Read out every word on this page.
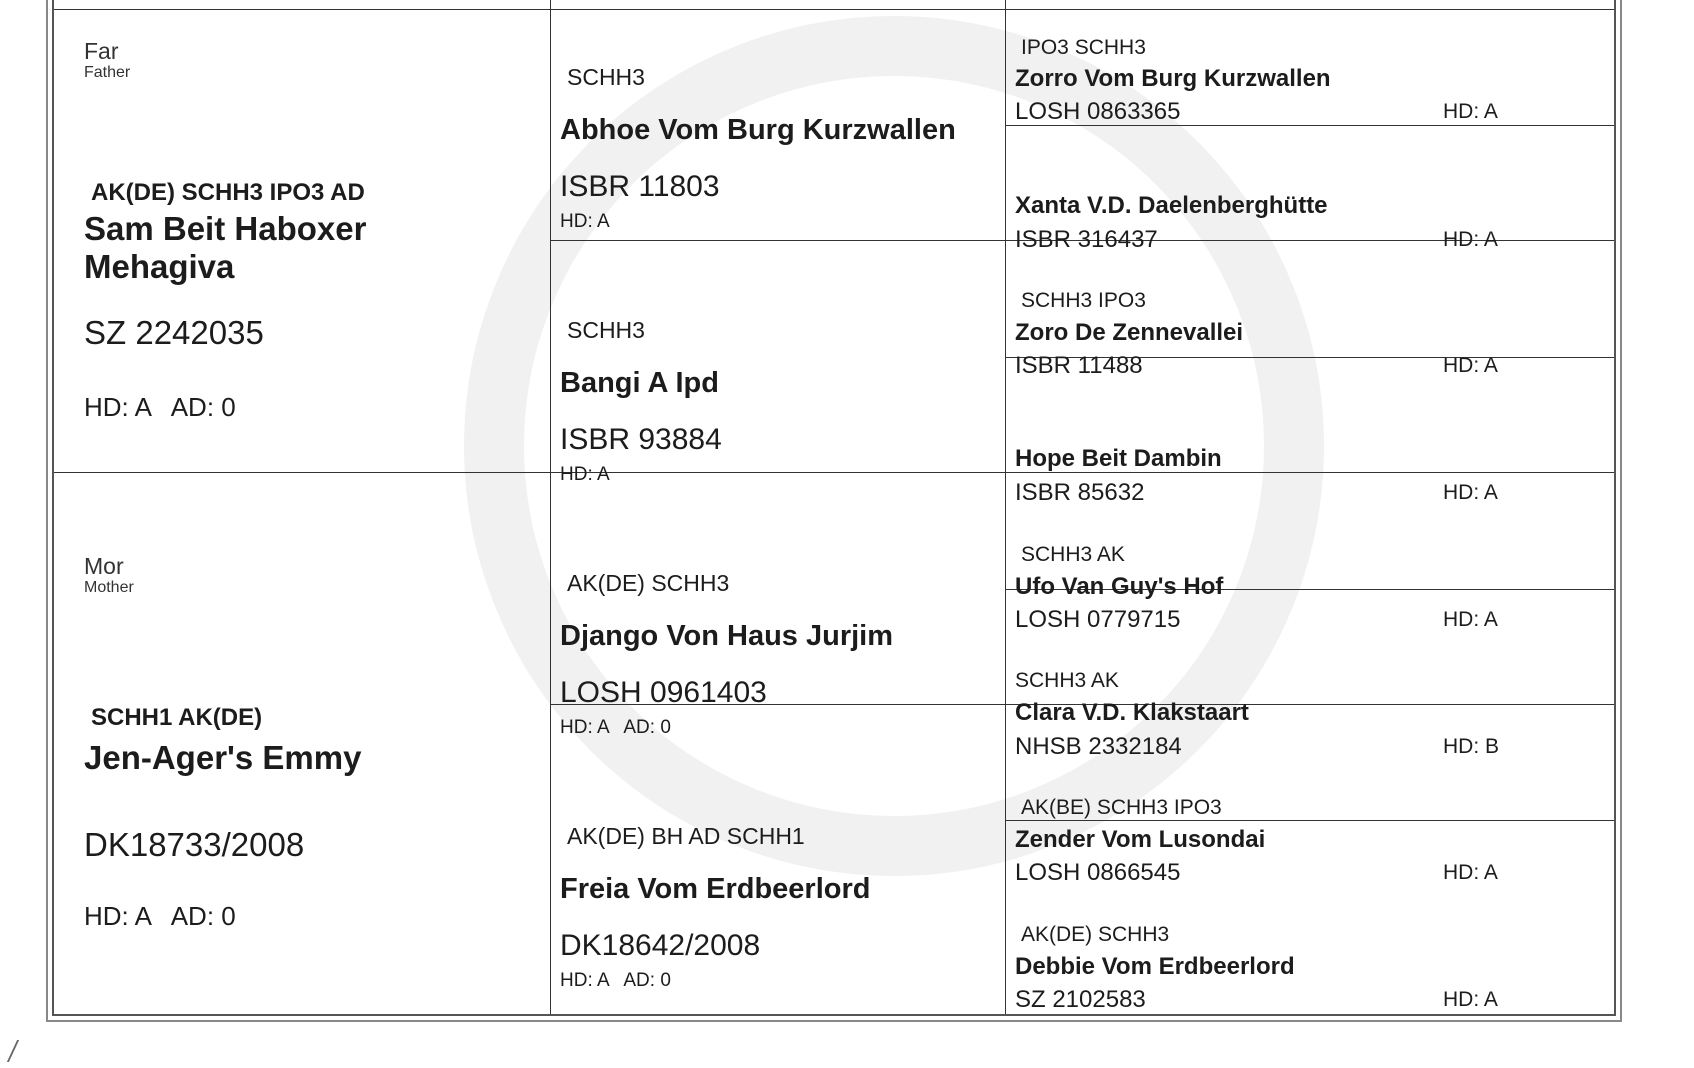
Far
Father
AK(DE) SCHH3 IPO3 AD
Sam Beit Haboxer
Mehagiva
SZ 2242035
HD: A   AD: 0
Mor
Mother
SCHH1 AK(DE)
Jen-Ager's Emmy
DK18733/2008
HD: A   AD: 0
SCHH3
Abhoe Vom Burg Kurzwallen
ISBR 11803
HD: A
SCHH3
Bangi A Ipd
ISBR 93884
HD: A
AK(DE) SCHH3
Django Von Haus Jurjim
LOSH 0961403
HD: A   AD: 0
AK(DE) BH AD SCHH1
Freia Vom Erdbeerlord
DK18642/2008
HD: A   AD: 0
IPO3 SCHH3
Zorro Vom Burg Kurzwallen
LOSH 0863365	HD: A
Xanta V.D. Daelenberghütte
ISBR 316437	HD: A
SCHH3 IPO3
Zoro De Zennevallei
ISBR 11488	HD: A
Hope Beit Dambin
ISBR 85632	HD: A
SCHH3 AK
Ufo Van Guy's Hof
LOSH 0779715	HD: A
SCHH3 AK
Clara V.D. Klakstaart
NHSB 2332184	HD: B
AK(BE) SCHH3 IPO3
Zender Vom Lusondai
LOSH 0866545	HD: A
AK(DE) SCHH3
Debbie Vom Erdbeerlord
SZ 2102583	HD: A
